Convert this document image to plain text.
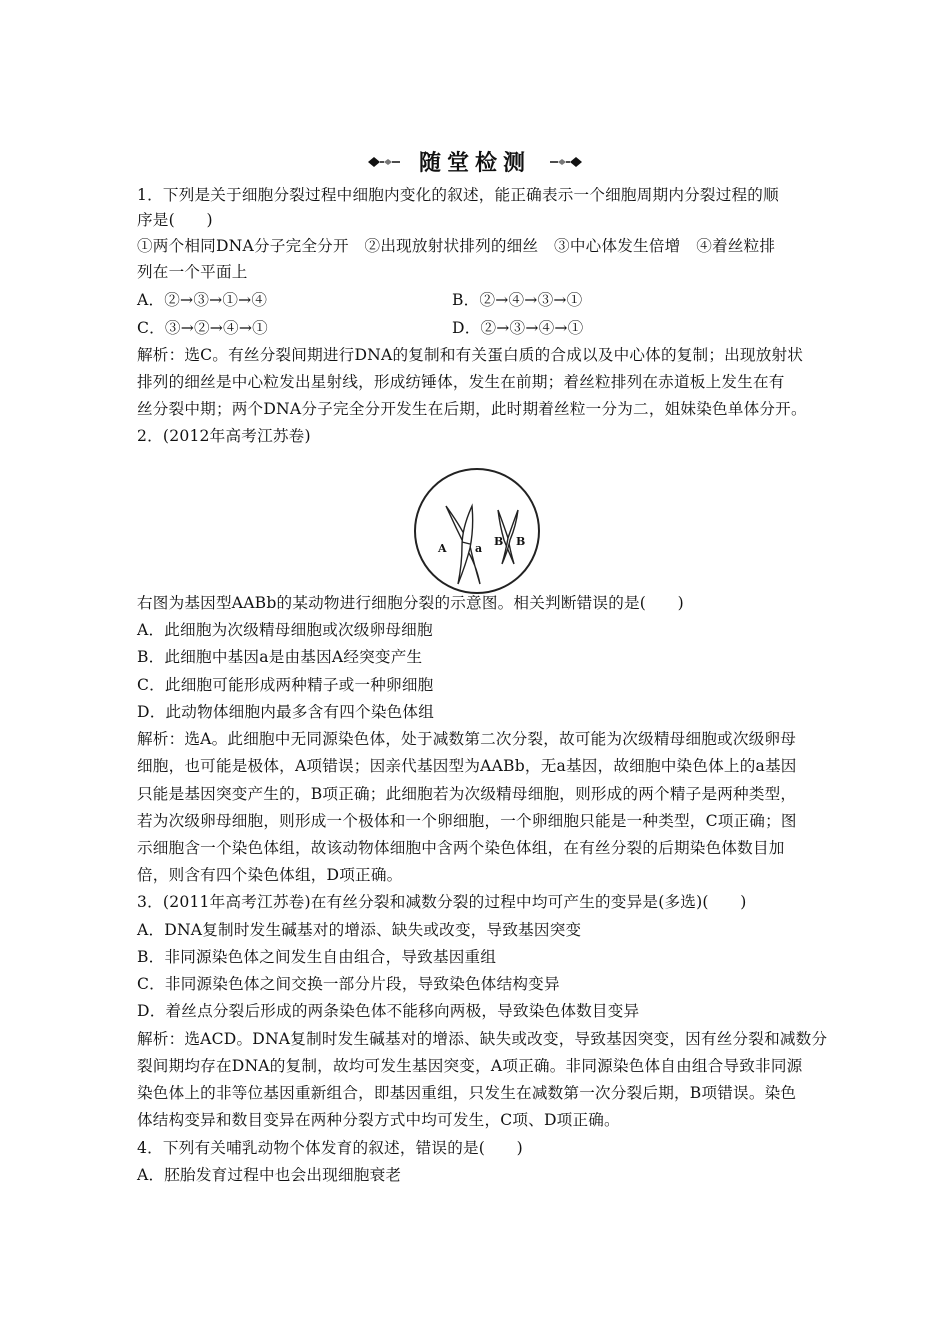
随堂检测
1．下列是关于细胞分裂过程中细胞内变化的叙述，能正确表示一个细胞周期内分裂过程的顺
序是(　　)
①两个相同DNA分子完全分开　②出现放射状排列的细丝　③中心体发生倍增　④着丝粒排
列在一个平面上
A．②→③→①→④	B．②→④→③→①
C．③→②→④→①	D．②→③→④→①
解析：选C。有丝分裂间期进行DNA的复制和有关蛋白质的合成以及中心体的复制；出现放射状
排列的细丝是中心粒发出星射线，形成纺锤体，发生在前期；着丝粒排列在赤道板上发生在有
丝分裂中期；两个DNA分子完全分开发生在后期，此时期着丝粒一分为二，姐妹染色单体分开。
2．(2012年高考江苏卷)
右图为基因型AABb的某动物进行细胞分裂的示意图。相关判断错误的是(　　)
A．此细胞为次级精母细胞或次级卵母细胞
B．此细胞中基因a是由基因A经突变产生
C．此细胞可能形成两种精子或一种卵细胞
D．此动物体细胞内最多含有四个染色体组
解析：选A。此细胞中无同源染色体，处于减数第二次分裂，故可能为次级精母细胞或次级卵母
细胞，也可能是极体，A项错误；因亲代基因型为AABb，无a基因，故细胞中染色体上的a基因
只能是基因突变产生的，B项正确；此细胞若为次级精母细胞，则形成的两个精子是两种类型，
若为次级卵母细胞，则形成一个极体和一个卵细胞，一个卵细胞只能是一种类型，C项正确；图
示细胞含一个染色体组，故该动物体细胞中含两个染色体组，在有丝分裂的后期染色体数目加
倍，则含有四个染色体组，D项正确。
3．(2011年高考江苏卷)在有丝分裂和减数分裂的过程中均可产生的变异是(多选)(　　)
A．DNA复制时发生碱基对的增添、缺失或改变，导致基因突变
B．非同源染色体之间发生自由组合，导致基因重组
C．非同源染色体之间交换一部分片段，导致染色体结构变异
D．着丝点分裂后形成的两条染色体不能移向两极，导致染色体数目变异
解析：选ACD。DNA复制时发生碱基对的增添、缺失或改变，导致基因突变，因有丝分裂和减数分
裂间期均存在DNA的复制，故均可发生基因突变，A项正确。非同源染色体自由组合导致非同源
染色体上的非等位基因重新组合，即基因重组，只发生在减数第一次分裂后期，B项错误。染色
体结构变异和数目变异在两种分裂方式中均可发生，C项、D项正确。
4．下列有关哺乳动物个体发育的叙述，错误的是(　　)
A．胚胎发育过程中也会出现细胞衰老
A	a
B B
